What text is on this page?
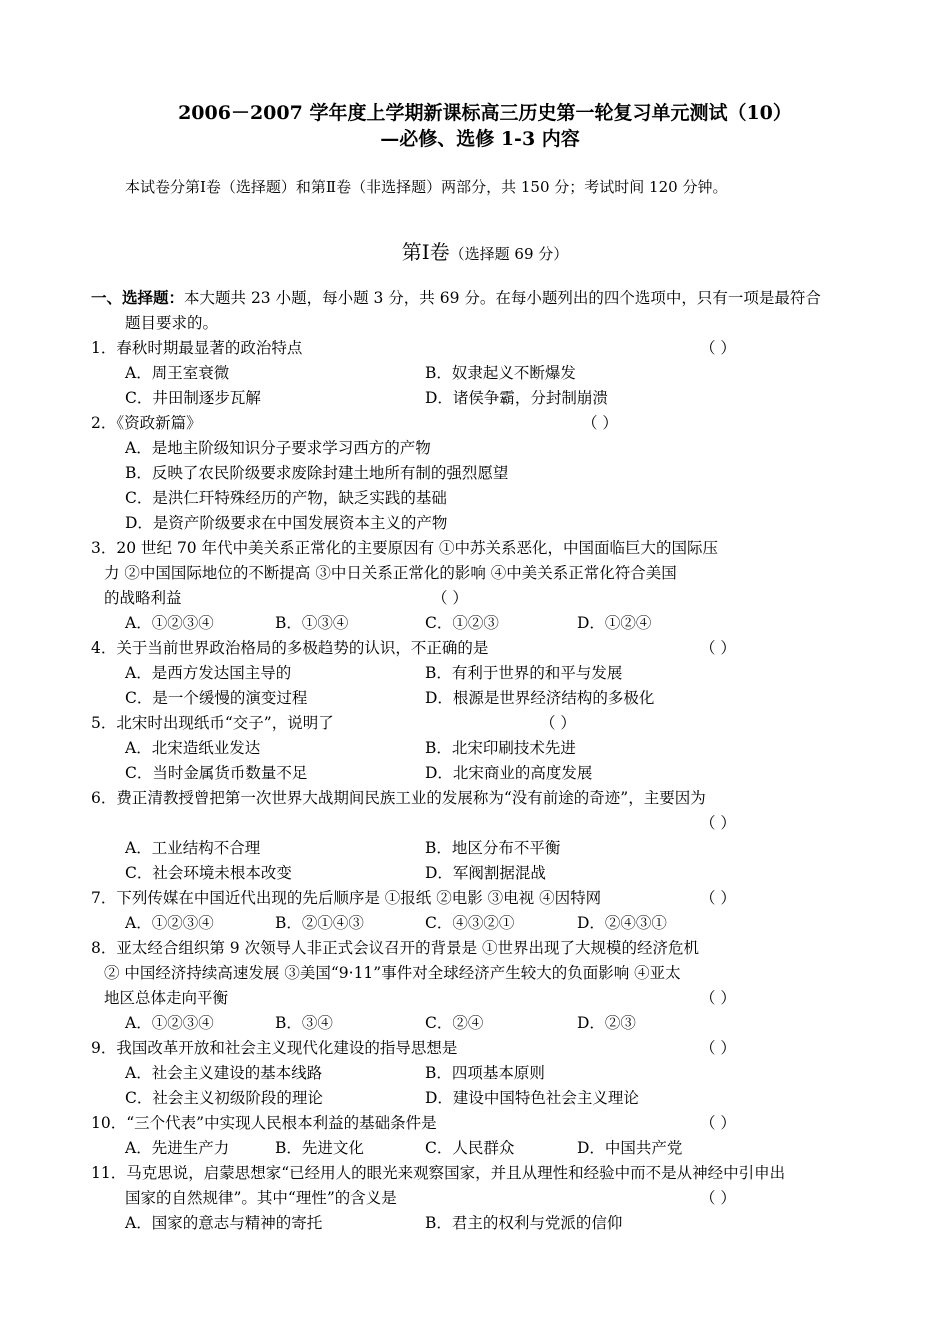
2006－2007 学年度上学期新课标高三历史第一轮复习单元测试（10）
—必修、选修 1-3 内容
本试卷分第Ⅰ卷（选择题）和第Ⅱ卷（非选择题）两部分，共 150 分；考试时间 120 分钟。
第Ⅰ卷（选择题 69 分）
一、选择题：本大题共 23 小题，每小题 3 分，共 69 分。在每小题列出的四个选项中，只有一项是最符合
题目要求的。
1．春秋时期最显著的政治特点	（ ）
A．周王室衰微	B．奴隶起义不断爆发
C．井田制逐步瓦解	D．诸侯争霸，分封制崩溃
2．《资政新篇》	（ ）
A．是地主阶级知识分子要求学习西方的产物
B．反映了农民阶级要求废除封建土地所有制的强烈愿望
C．是洪仁玕特殊经历的产物，缺乏实践的基础
D．是资产阶级要求在中国发展资本主义的产物
3．20 世纪 70 年代中美关系正常化的主要原因有 ①中苏关系恶化，中国面临巨大的国际压
力 ②中国国际地位的不断提高 ③中日关系正常化的影响 ④中美关系正常化符合美国
的战略利益	（ ）
A．①②③④	B．①③④	C．①②③	D．①②④
4．关于当前世界政治格局的多极趋势的认识，不正确的是	（ ）
A．是西方发达国主导的	B．有利于世界的和平与发展
C．是一个缓慢的演变过程	D．根源是世界经济结构的多极化
5．北宋时出现纸币“交子”，说明了	（ ）
A．北宋造纸业发达	B．北宋印刷技术先进
C．当时金属货币数量不足	D．北宋商业的高度发展
6．费正清教授曾把第一次世界大战期间民族工业的发展称为“没有前途的奇迹”，主要因为
（ ）
A．工业结构不合理	B．地区分布不平衡
C．社会环境未根本改变	D．军阀割据混战
7．下列传媒在中国近代出现的先后顺序是 ①报纸 ②电影 ③电视 ④因特网	（ ）
A．①②③④	B．②①④③	C．④③②①	D．②④③①
8．亚太经合组织第 9 次领导人非正式会议召开的背景是 ①世界出现了大规模的经济危机
② 中国经济持续高速发展 ③美国“9·11”事件对全球经济产生较大的负面影响 ④亚太
地区总体走向平衡	（ ）
A．①②③④	B．③④	C．②④	D．②③
9．我国改革开放和社会主义现代化建设的指导思想是	（ ）
A．社会主义建设的基本线路	B．四项基本原则
C．社会主义初级阶段的理论	D．建设中国特色社会主义理论
10．“三个代表”中实现人民根本利益的基础条件是	（ ）
A．先进生产力	B．先进文化	C．人民群众	D．中国共产党
11．马克思说，启蒙思想家“已经用人的眼光来观察国家，并且从理性和经验中而不是从神经中引申出
国家的自然规律”。其中“理性”的含义是	（ ）
A．国家的意志与精神的寄托	B．君主的权利与党派的信仰
